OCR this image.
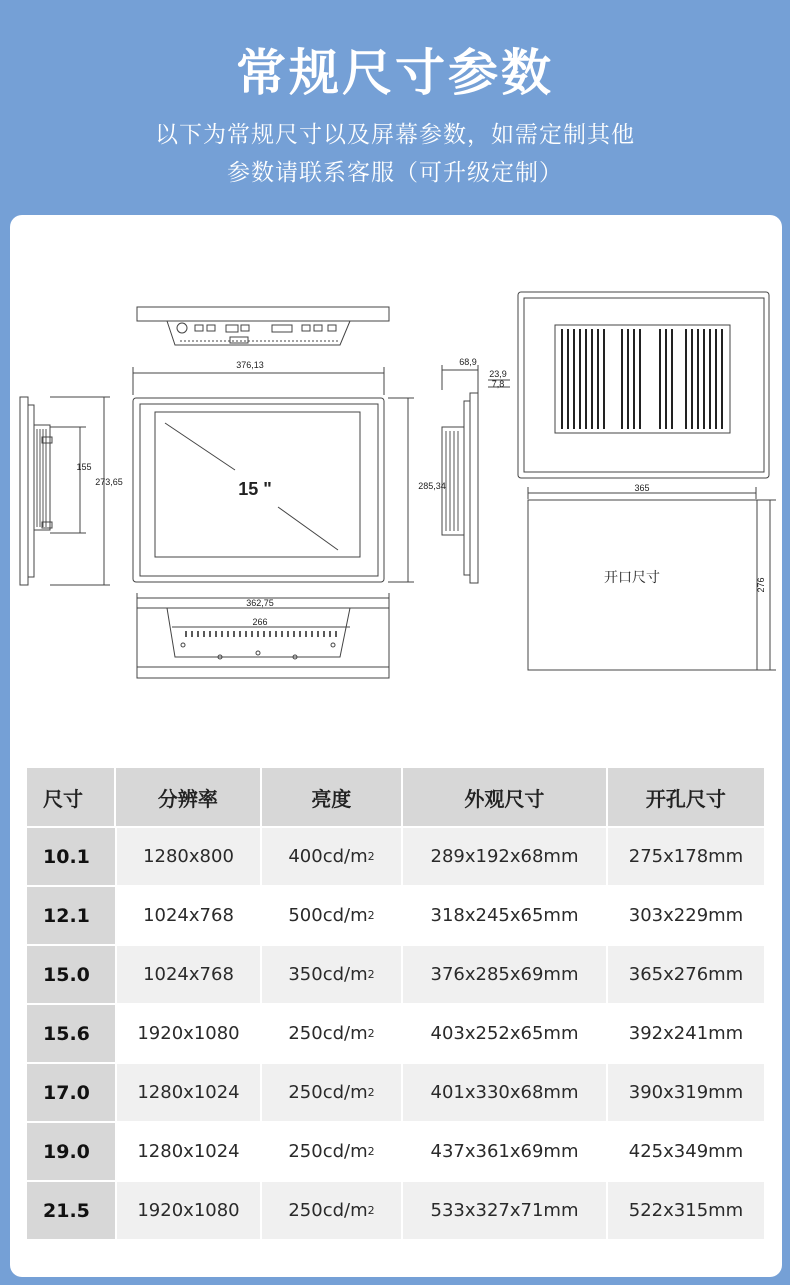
常规尺寸参数
以下为常规尺寸以及屏幕参数，如需定制其他
参数请联系客服（可升级定制）
376,13
285,34
273,65
155
68,9
23,9
7,8
362,75
266
365
276
15 "
开口尺寸
尺寸	分辨率	亮度	外观尺寸	开孔尺寸
10.1	1280x800	400cd/m 2	289x192x68mm	275x178mm
12.1	1024x768	500cd/m 2	318x245x65mm	303x229mm
15.0	1024x768	350cd/m 2	376x285x69mm	365x276mm
15.6	1920x1080	250cd/m 2	403x252x65mm	392x241mm
17.0	1280x1024	250cd/m 2	401x330x68mm	390x319mm
19.0	1280x1024	250cd/m 2	437x361x69mm	425x349mm
21.5	1920x1080	250cd/m 2	533x327x71mm	522x315mm
